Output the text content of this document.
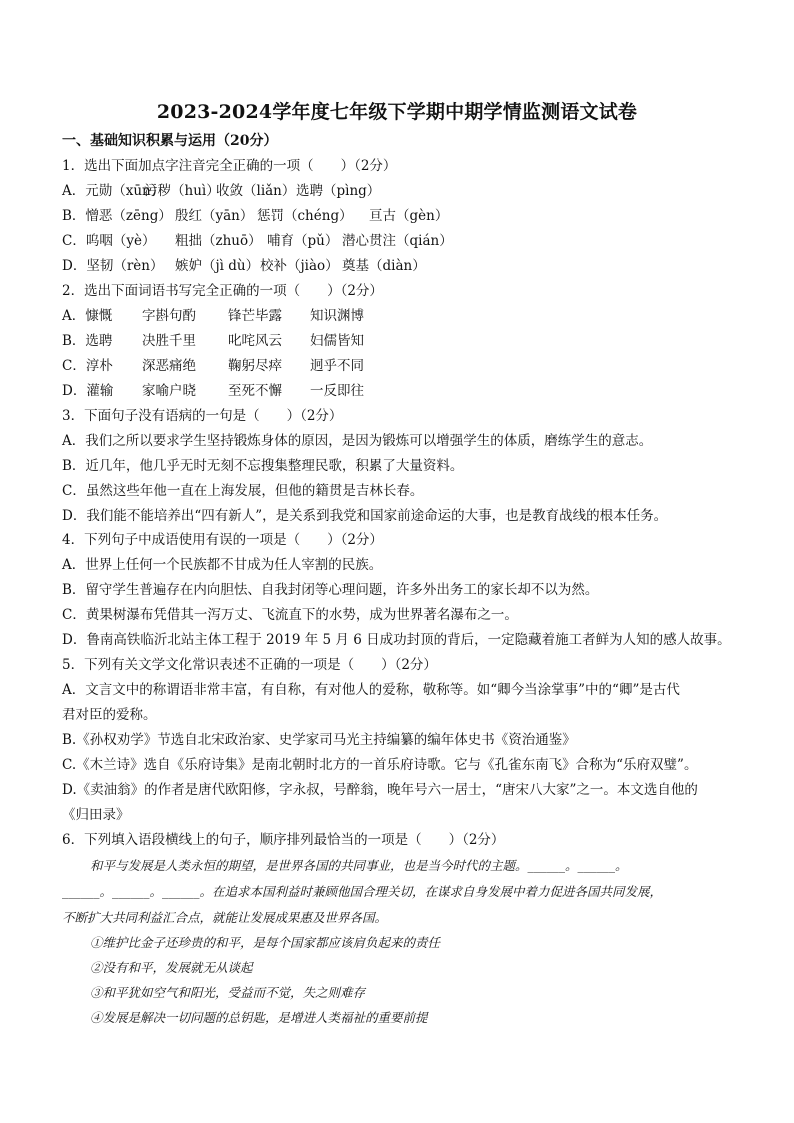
2023-2024学年度七年级下学期中期学情监测语文试卷
一、基础知识积累与运用（20分）
1．选出下面加点字注音完全正确的一项（　　）（2分）
A．元勋（xūn）污秽（huì）收敛（liǎn）选聘（pìng）
B．憎恶（zēng） 殷红（yān） 惩罚（chéng） 亘古（gèn）
C．呜咽（yè） 粗拙（zhuō） 哺育（pǔ） 潜心贯注（qián）
D．坚韧（rèn） 嫉妒（jì dù）校补（jiào） 奠基（diàn）
2．选出下面词语书写完全正确的一项（　　）（2分）
A．慷慨 字斟句酌 锋芒毕露 知识渊博
B．选聘 决胜千里 叱咤风云 妇儒皆知
C．淳朴 深恶痛绝 鞠躬尽瘁 迥乎不同
D．灌输 家喻户晓 至死不懈 一反即往
3．下面句子没有语病的一句是（　　）（2分）
A．我们之所以要求学生坚持锻炼身体的原因，是因为锻炼可以增强学生的体质，磨练学生的意志。
B．近几年，他几乎无时无刻不忘搜集整理民歌，积累了大量资料。
C．虽然这些年他一直在上海发展，但他的籍贯是吉林长春。
D．我们能不能培养出“四有新人”，是关系到我党和国家前途命运的大事，也是教育战线的根本任务。
4．下列句子中成语使用有误的一项是（　　）（2分）
A．世界上任何一个民族都不甘成为任人宰割的民族。
B．留守学生普遍存在内向胆怯、自我封闭等心理问题，许多外出务工的家长却不以为然。
C．黄果树瀑布凭借其一泻万丈、飞流直下的水势，成为世界著名瀑布之一。
D．鲁南高铁临沂北站主体工程于 2019 年 5 月 6 日成功封顶的背后，一定隐藏着施工者鲜为人知的感人故事。
5．下列有关文学文化常识表述不正确的一项是（　　）（2分）
A．文言文中的称谓语非常丰富，有自称，有对他人的爱称，敬称等。如“卿今当涂掌事”中的“卿”是古代
君对臣的爱称。
B.《孙权劝学》节选自北宋政治家、史学家司马光主持编纂的编年体史书《资治通鉴》
C.《木兰诗》选自《乐府诗集》是南北朝时北方的一首乐府诗歌。它与《孔雀东南飞》合称为“乐府双璧”。
D.《卖油翁》的作者是唐代欧阳修，字永叔，号醉翁，晚年号六一居士，“唐宋八大家”之一。本文选自他的
《归田录》
6．下列填入语段横线上的句子，顺序排列最恰当的一项是（　　）（2分）
和平与发展是人类永恒的期望，是世界各国的共同事业，也是当今时代的主题。______。______。
______。______。______。在追求本国利益时兼顾他国合理关切，在谋求自身发展中着力促进各国共同发展，
不断扩大共同利益汇合点，就能让发展成果惠及世界各国。
①维护比金子还珍贵的和平，是每个国家都应该肩负起来的责任
②没有和平，发展就无从谈起
③和平犹如空气和阳光，受益而不觉，失之则难存
④发展是解决一切问题的总钥匙，是增进人类福祉的重要前提
